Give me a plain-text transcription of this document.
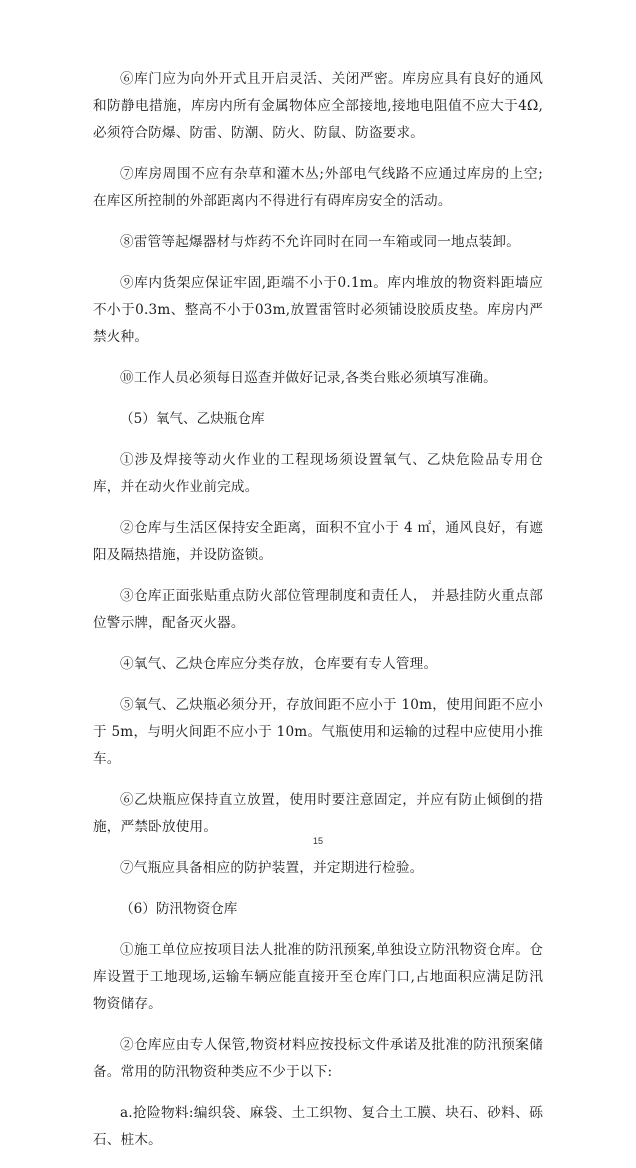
⑥库门应为向外开式且开启灵活、关闭严密。库房应具有良好的通风和防静电措施，库房内所有金属物体应全部接地,接地电阻值不应大于4Ω,必须符合防爆、防雷、防潮、防火、防鼠、防盗要求。

⑦库房周围不应有杂草和灌木丛;外部电气线路不应通过库房的上空;在库区所控制的外部距离内不得进行有碍库房安全的活动。

⑧雷管等起爆器材与炸药不允许同时在同一车箱或同一地点装卸。

⑨库内货架应保证牢固,距端不小于0.1m。库内堆放的物资料距墙应不小于0.3m、整高不小于03m,放置雷管时必须铺设胶质皮垫。库房内严禁火种。

⑩工作人员必须每日巡查并做好记录,各类台账必须填写准确。

（5）氧气、乙炔瓶仓库

①涉及焊接等动火作业的工程现场须设置氧气、乙炔危险品专用仓库，并在动火作业前完成。

②仓库与生活区保持安全距离，面积不宜小于 4 ㎡，通风良好，有遮阳及隔热措施，并设防盗锁。

③仓库正面张贴重点防火部位管理制度和责任人， 并悬挂防火重点部位警示牌，配备灭火器。

④氧气、乙炔仓库应分类存放，仓库要有专人管理。

⑤氧气、乙炔瓶必须分开，存放间距不应小于 10m，使用间距不应小于 5m，与明火间距不应小于 10m。气瓶使用和运输的过程中应使用小推车。

⑥乙炔瓶应保持直立放置，使用时要注意固定，并应有防止倾倒的措施，严禁卧放使用。

⑦气瓶应具备相应的防护装置，并定期进行检验。

（6）防汛物资仓库

①施工单位应按项目法人批准的防汛预案,单独设立防汛物资仓库。仓库设置于工地现场,运输车辆应能直接开至仓库门口,占地面积应满足防汛物资储存。

②仓库应由专人保管,物资材料应按投标文件承诺及批准的防汛预案储备。常用的防汛物资种类应不少于以下:

a.抢险物料:编织袋、麻袋、土工织物、复合土工膜、块石、砂料、砾石、桩木。

15
